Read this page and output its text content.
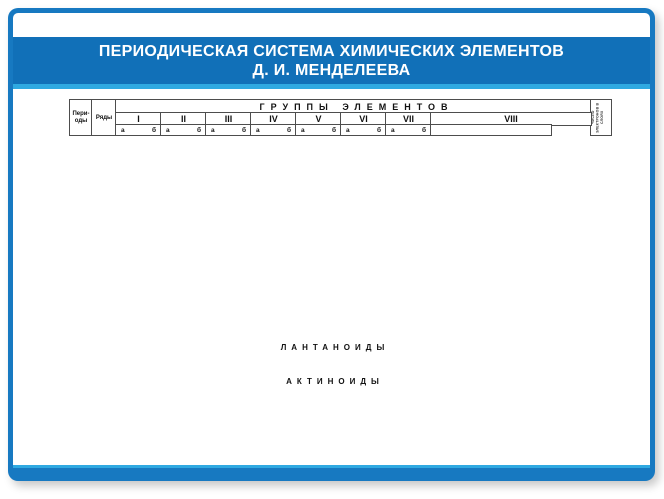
ПЕРИОДИЧЕСКАЯ СИСТЕМА ХИМИЧЕСКИХ ЭЛЕМЕНТОВ
Д. И. МЕНДЕЛЕЕВА
Периоды	Ряды
ГРУППЫ ЭЛЕМЕНТОВ
ЧИСЛО ЭЛЕКТРОНОВ В СЛОЯХ
I	II	III	IV	V	VI	VII	VIII
а	б а	б а	б а	б а	б а	б а	б
ЛАНТАНОИДЫ
АКТИНОИДЫ
